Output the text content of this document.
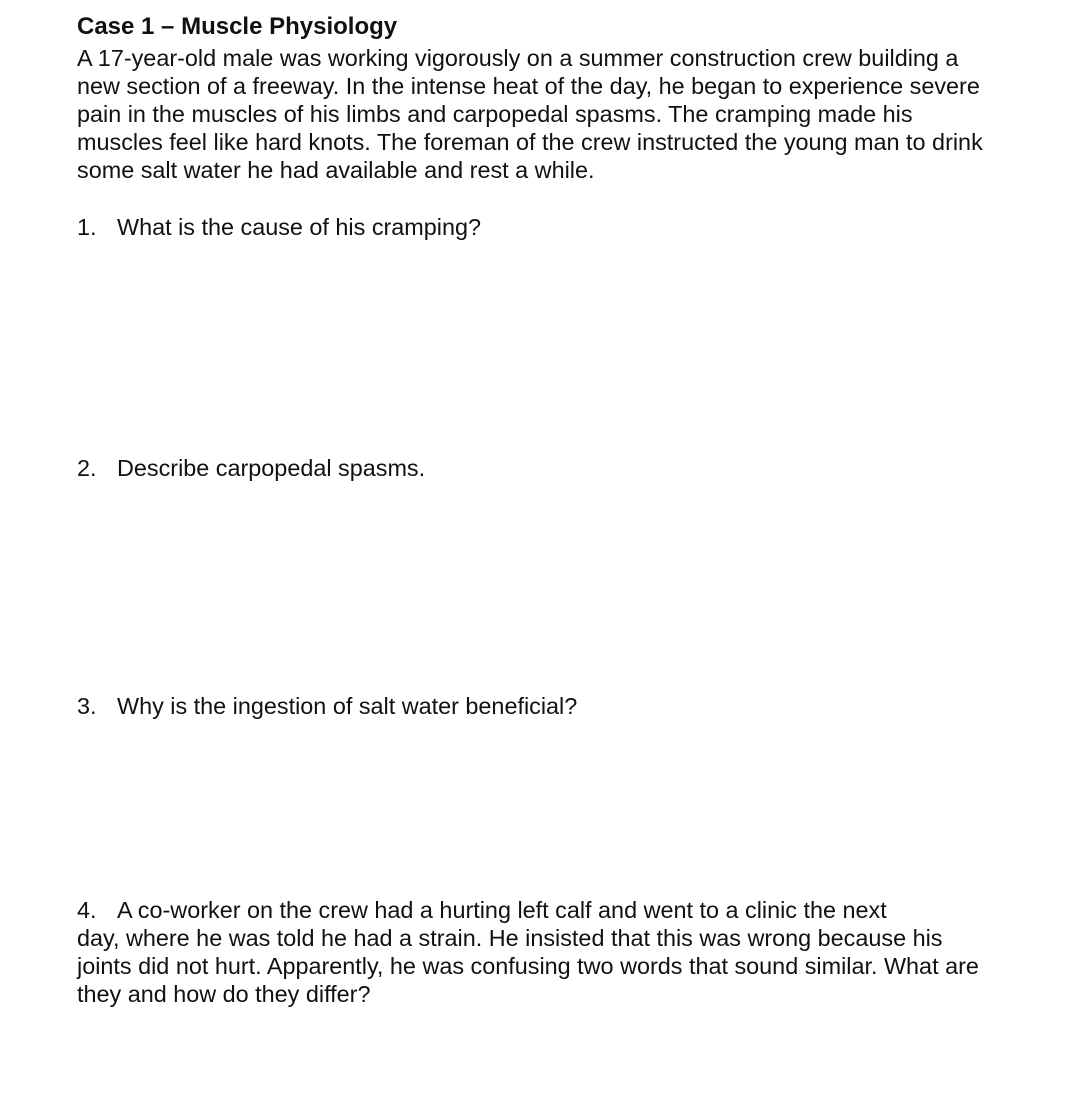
Case 1 – Muscle Physiology
A 17-year-old male was working vigorously on a summer construction crew building a
new section of a freeway. In the intense heat of the day, he began to experience severe
pain in the muscles of his limbs and carpopedal spasms. The cramping made his
muscles feel like hard knots. The foreman of the crew instructed the young man to drink
some salt water he had available and rest a while.
1. What is the cause of his cramping?
2. Describe carpopedal spasms.
3. Why is the ingestion of salt water beneficial?
4. A co-worker on the crew had a hurting left calf and went to a clinic the next
day, where he was told he had a strain. He insisted that this was wrong because his
joints did not hurt. Apparently, he was confusing two words that sound similar. What are
they and how do they differ?
